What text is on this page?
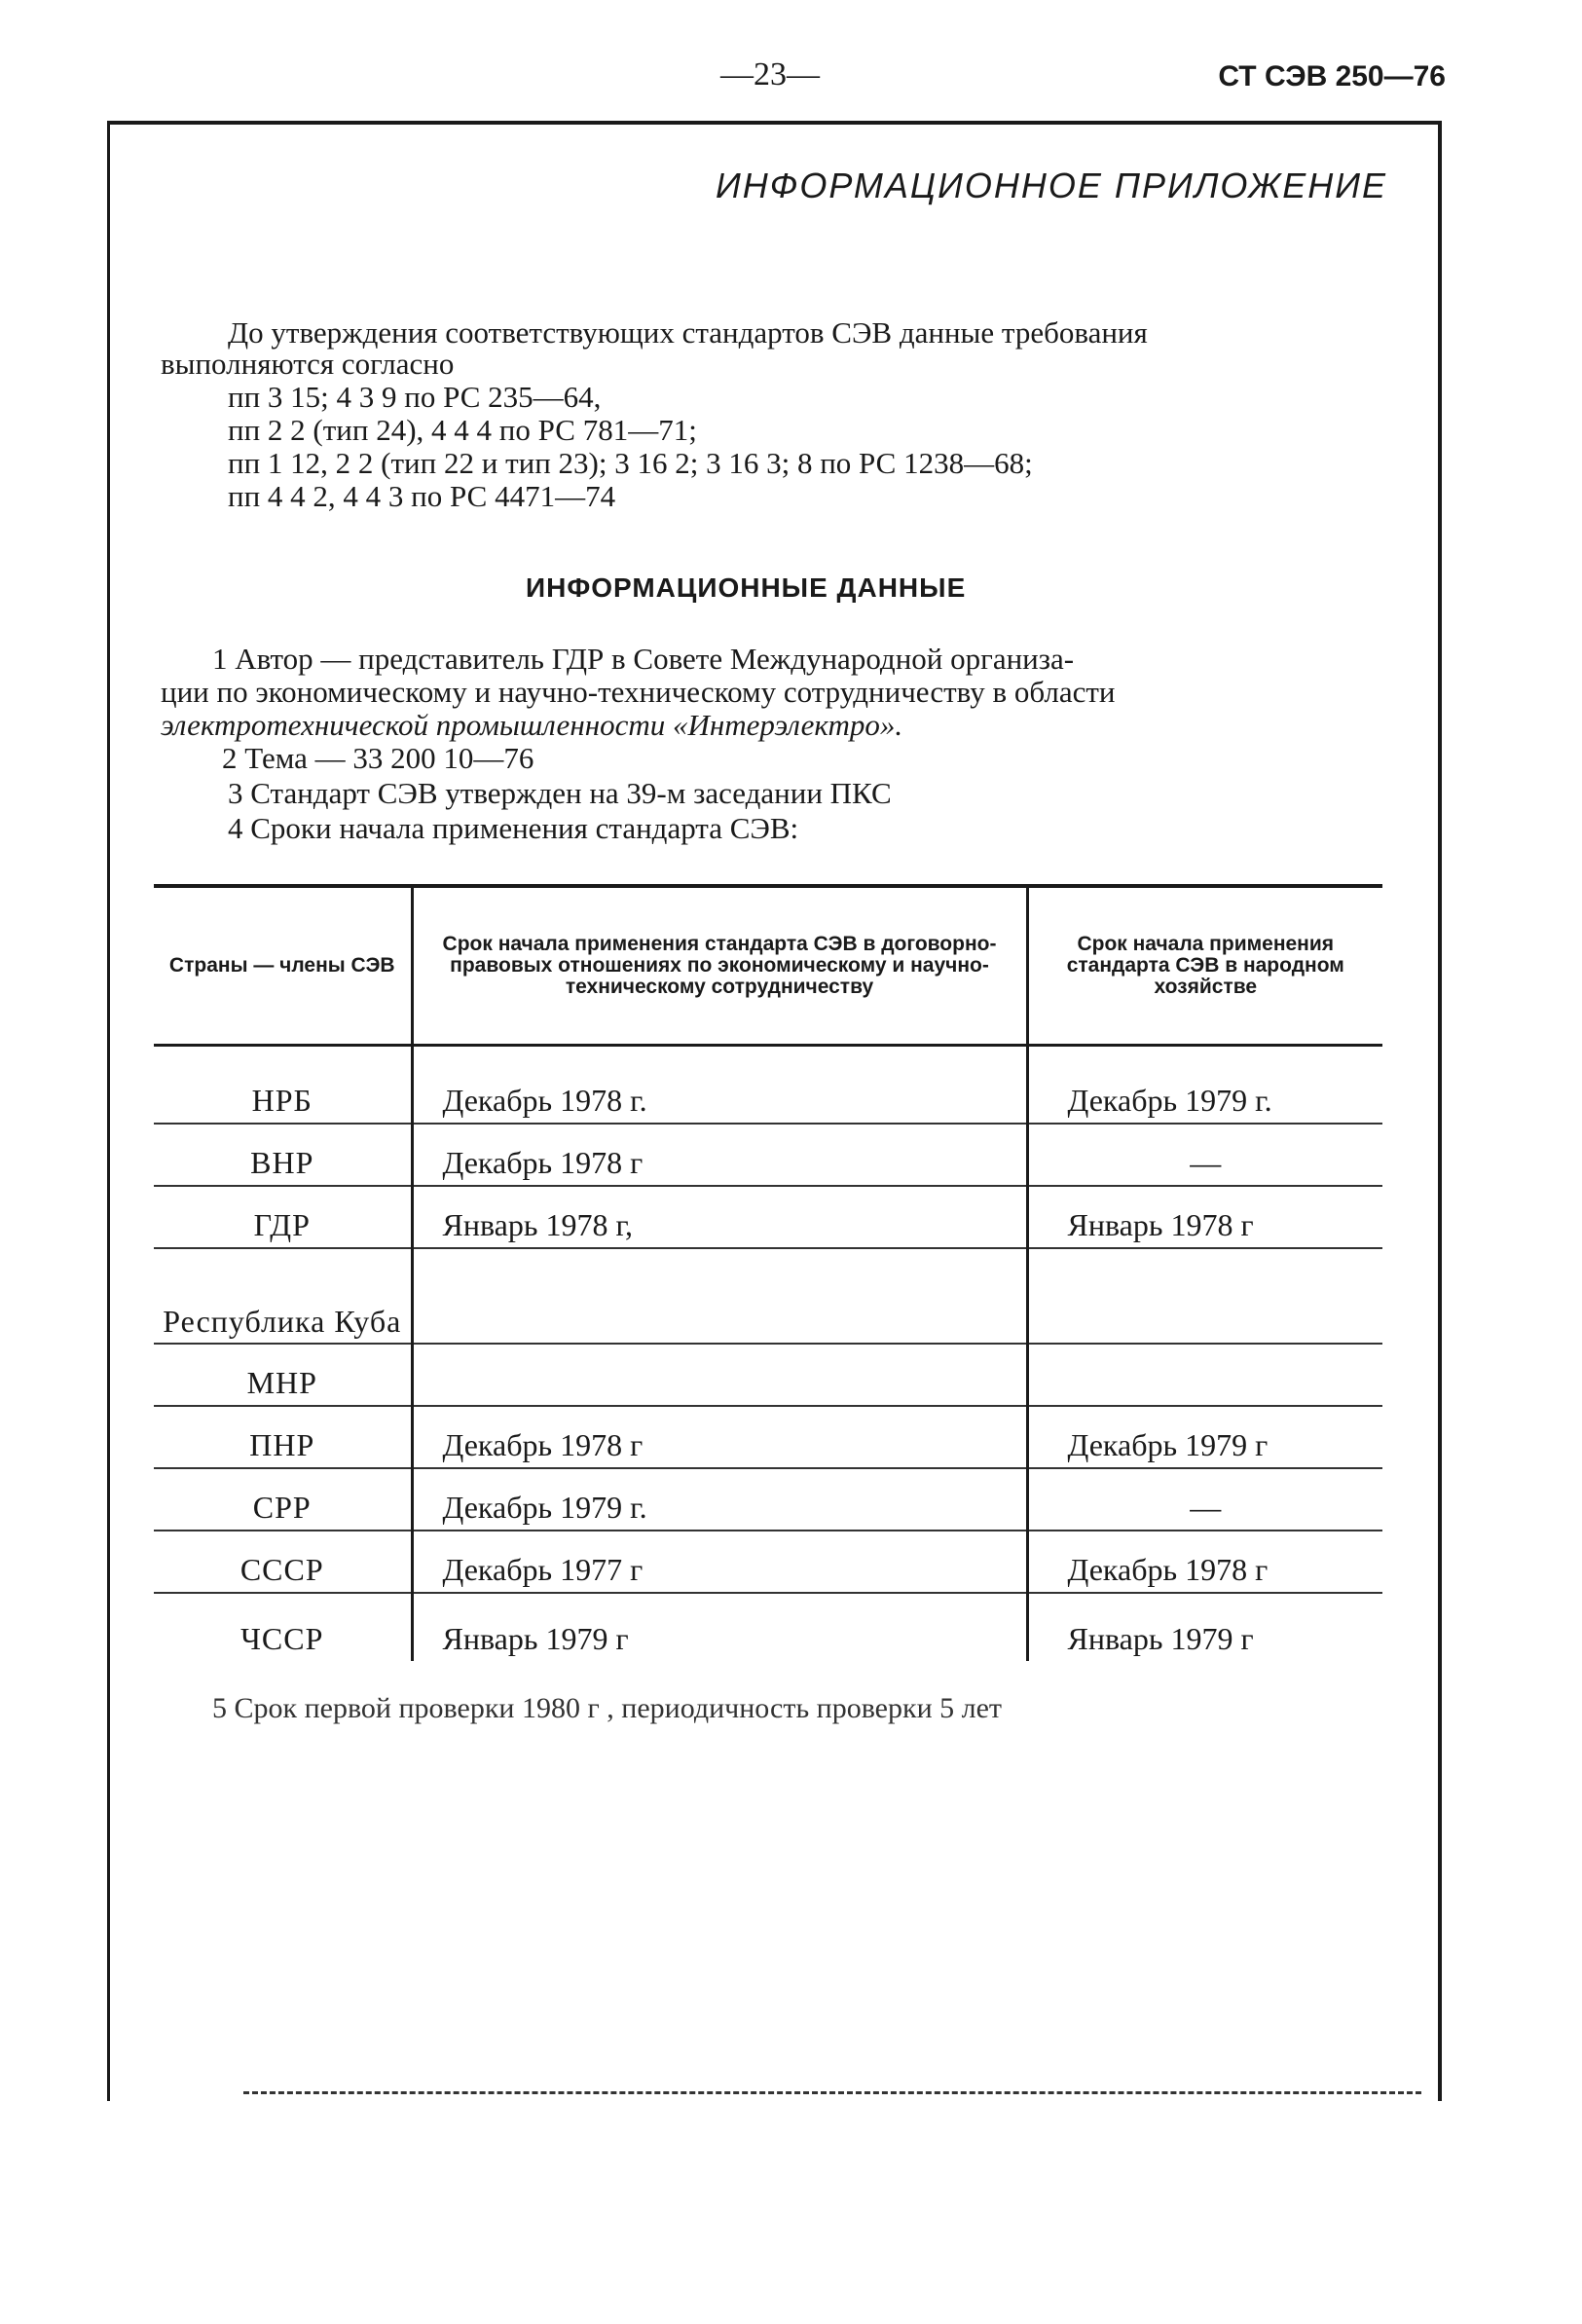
—23—	СТ СЭВ 250—76
ИНФОРМАЦИОННОЕ ПРИЛОЖЕНИЕ
До утверждения соответствующих стандартов СЭВ данные требования
выполняются согласно
пп 3 15; 4 3 9 по РС 235—64,
пп 2 2 (тип 24), 4 4 4 по РС 781—71;
пп 1 12, 2 2 (тип 22 и тип 23); 3 16 2; 3 16 3; 8 по РС 1238—68;
пп 4 4 2, 4 4 3 по РС 4471—74
ИНФОРМАЦИОННЫЕ ДАННЫЕ
1 Автор — представитель ГДР в Совете Международной организа-
ции по экономическому и научно-техническому сотрудничеству в области
электротехнической промышленности «Интерэлектро».
2 Тема — 33 200 10—76
3 Стандарт СЭВ утвержден на 39-м заседании ПКС
4 Сроки начала применения стандарта СЭВ:
Страны — члены СЭВ	Срок начала применения стандарта СЭВ в договорно-правовых отношениях по экономическому и научно-техническому сотрудничеству	Срок начала применения стандарта СЭВ в народном хозяйстве
НРБ	Декабрь 1978 г.	Декабрь 1979 г.
ВНР	Декабрь 1978 г	—
ГДР	Январь 1978 г,	Январь 1978 г
Республика Куба		
МНР		
ПНР	Декабрь 1978 г	Декабрь 1979 г
СРР	Декабрь 1979 г.	—
СССР	Декабрь 1977 г	Декабрь 1978 г
ЧССР	Январь 1979 г	Январь 1979 г
5 Срок первой проверки 1980 г , периодичность проверки 5 лет
